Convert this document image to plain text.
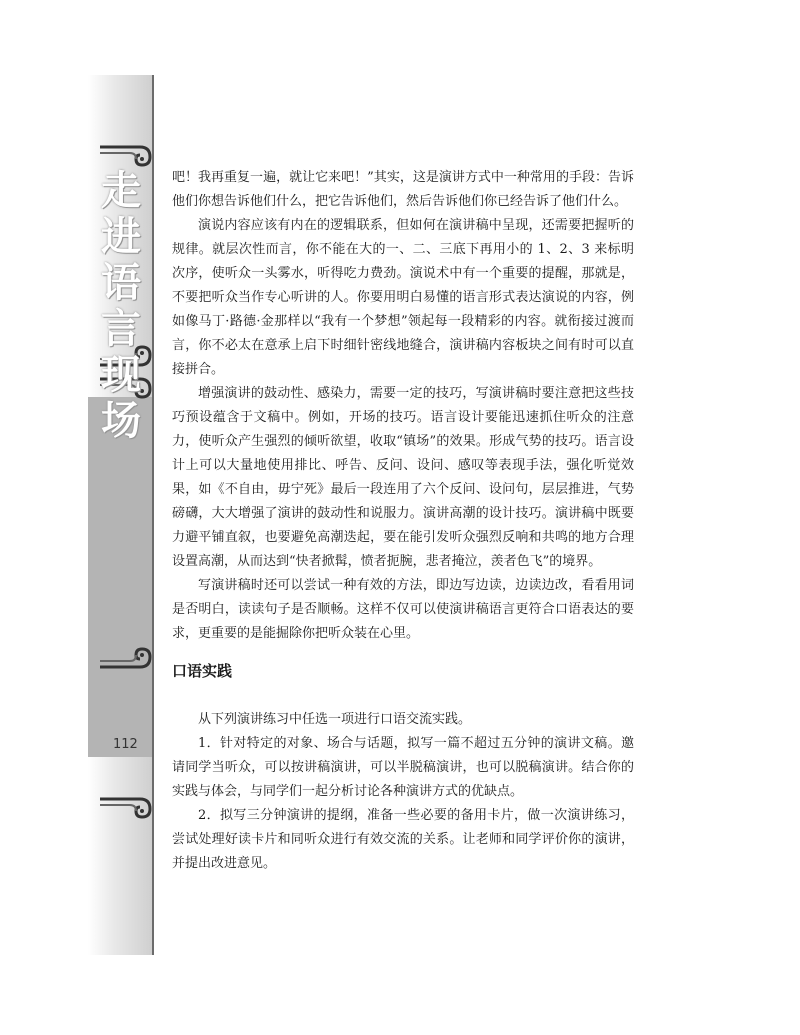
走
进
语
言
现
场
112

吧！我再重复一遍，就让它来吧！”其实，这是演讲方式中一种常用的手段：告诉他们你想告诉他们什么，把它告诉他们，然后告诉他们你已经告诉了他们什么。

演说内容应该有内在的逻辑联系，但如何在演讲稿中呈现，还需要把握听的规律。就层次性而言，你不能在大的一、二、三底下再用小的 1、2、3 来标明次序，使听众一头雾水，听得吃力费劲。演说术中有一个重要的提醒，那就是，不要把听众当作专心听讲的人。你要用明白易懂的语言形式表达演说的内容，例如像马丁·路德·金那样以“我有一个梦想”领起每一段精彩的内容。就衔接过渡而言，你不必太在意承上启下时细针密线地缝合，演讲稿内容板块之间有时可以直接拼合。

增强演讲的鼓动性、感染力，需要一定的技巧，写演讲稿时要注意把这些技巧预设蕴含于文稿中。例如，开场的技巧。语言设计要能迅速抓住听众的注意力，使听众产生强烈的倾听欲望，收取“镇场”的效果。形成气势的技巧。语言设计上可以大量地使用排比、呼告、反问、设问、感叹等表现手法，强化听觉效果，如《不自由，毋宁死》最后一段连用了六个反问、设问句，层层推进，气势磅礴，大大增强了演讲的鼓动性和说服力。演讲高潮的设计技巧。演讲稿中既要力避平铺直叙，也要避免高潮迭起，要在能引发听众强烈反响和共鸣的地方合理设置高潮，从而达到“快者掀髯，愤者扼腕，悲者掩泣，羡者色飞”的境界。

写演讲稿时还可以尝试一种有效的方法，即边写边读，边读边改，看看用词是否明白，读读句子是否顺畅。这样不仅可以使演讲稿语言更符合口语表达的要求，更重要的是能掘除你把听众装在心里。

口语实践

从下列演讲练习中任选一项进行口语交流实践。

1．针对特定的对象、场合与话题，拟写一篇不超过五分钟的演讲文稿。邀请同学当听众，可以按讲稿演讲，可以半脱稿演讲，也可以脱稿演讲。结合你的实践与体会，与同学们一起分析讨论各种演讲方式的优缺点。

2．拟写三分钟演讲的提纲，准备一些必要的备用卡片，做一次演讲练习，尝试处理好读卡片和同听众进行有效交流的关系。让老师和同学评价你的演讲，并提出改进意见。
